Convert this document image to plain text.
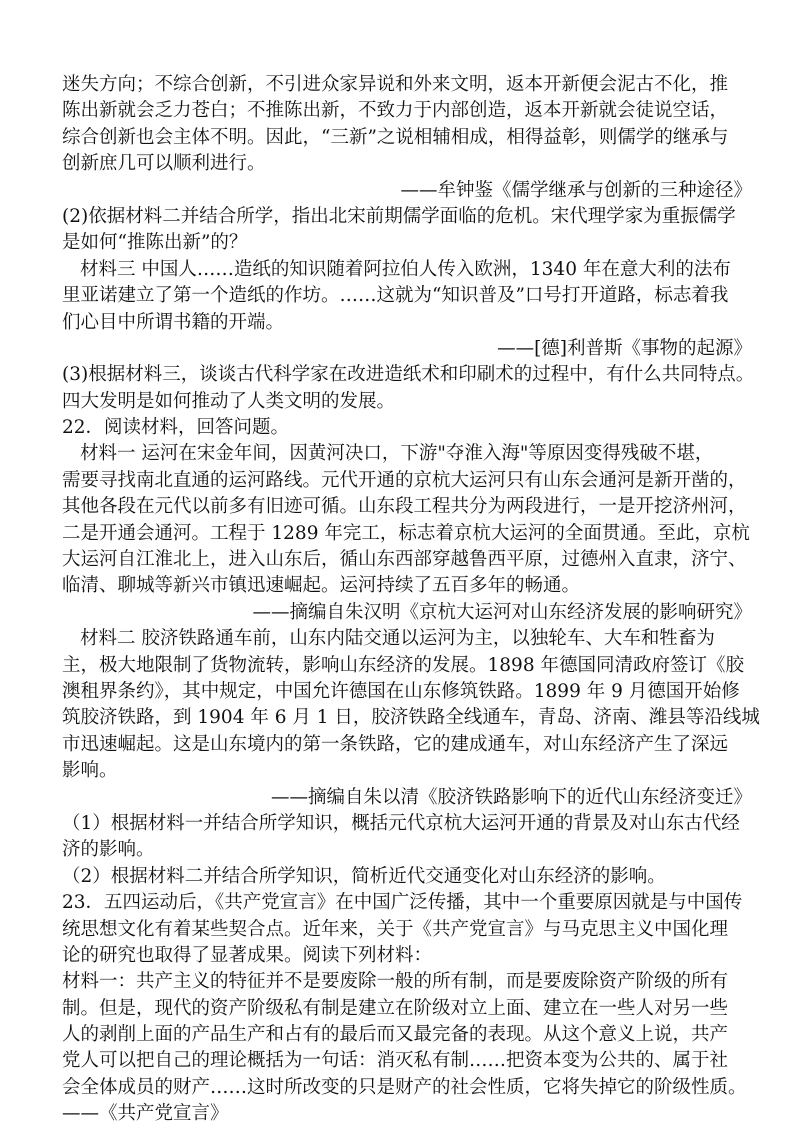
迷失方向；不综合创新，不引进众家异说和外来文明，返本开新便会泥古不化，推
陈出新就会乏力苍白；不推陈出新，不致力于内部创造，返本开新就会徒说空话，
综合创新也会主体不明。因此，“三新”之说相辅相成，相得益彰，则儒学的继承与
创新庶几可以顺利进行。
——牟钟鉴《儒学继承与创新的三种途径》
(2)依据材料二并结合所学，指出北宋前期儒学面临的危机。宋代理学家为重振儒学
是如何“推陈出新”的？
材料三 中国人……造纸的知识随着阿拉伯人传入欧洲，1340 年在意大利的法布
里亚诺建立了第一个造纸的作坊。……这就为“知识普及”口号打开道路，标志着我
们心目中所谓书籍的开端。
——[德]利普斯《事物的起源》
(3)根据材料三，谈谈古代科学家在改进造纸术和印刷术的过程中，有什么共同特点。
四大发明是如何推动了人类文明的发展。
22．阅读材料，回答问题。
材料一 运河在宋金年间，因黄河决口，下游"夺淮入海"等原因变得残破不堪，
需要寻找南北直通的运河路线。元代开通的京杭大运河只有山东会通河是新开凿的，
其他各段在元代以前多有旧迹可循。山东段工程共分为两段进行，一是开挖济州河，
二是开通会通河。工程于 1289 年完工，标志着京杭大运河的全面贯通。至此，京杭
大运河自江淮北上，进入山东后，循山东西部穿越鲁西平原，过德州入直隶，济宁、
临清、聊城等新兴市镇迅速崛起。运河持续了五百多年的畅通。
——摘编自朱汉明《京杭大运河对山东经济发展的影响研究》
材料二 胶济铁路通车前，山东内陆交通以运河为主，以独轮车、大车和牲畜为
主，极大地限制了货物流转，影响山东经济的发展。1898 年德国同清政府签订《胶
澳租界条约》，其中规定，中国允许德国在山东修筑铁路。1899 年 9 月德国开始修
筑胶济铁路，到 1904 年 6 月 1 日，胶济铁路全线通车，青岛、济南、潍县等沿线城
市迅速崛起。这是山东境内的第一条铁路，它的建成通车，对山东经济产生了深远
影响。
——摘编自朱以清《胶济铁路影响下的近代山东经济变迁》
（1）根据材料一并结合所学知识，概括元代京杭大运河开通的背景及对山东古代经
济的影响。
（2）根据材料二并结合所学知识，简析近代交通变化对山东经济的影响。
23．五四运动后，《共产党宣言》在中国广泛传播，其中一个重要原因就是与中国传
统思想文化有着某些契合点。近年来，关于《共产党宣言》与马克思主义中国化理
论的研究也取得了显著成果。阅读下列材料：
材料一：共产主义的特征并不是要废除一般的所有制，而是要废除资产阶级的所有
制。但是，现代的资产阶级私有制是建立在阶级对立上面、建立在一些人对另一些
人的剥削上面的产品生产和占有的最后而又最完备的表现。从这个意义上说，共产
党人可以把自己的理论概括为一句话：消灭私有制……把资本变为公共的、属于社
会全体成员的财产……这时所改变的只是财产的社会性质，它将失掉它的阶级性质。
——《共产党宣言》
